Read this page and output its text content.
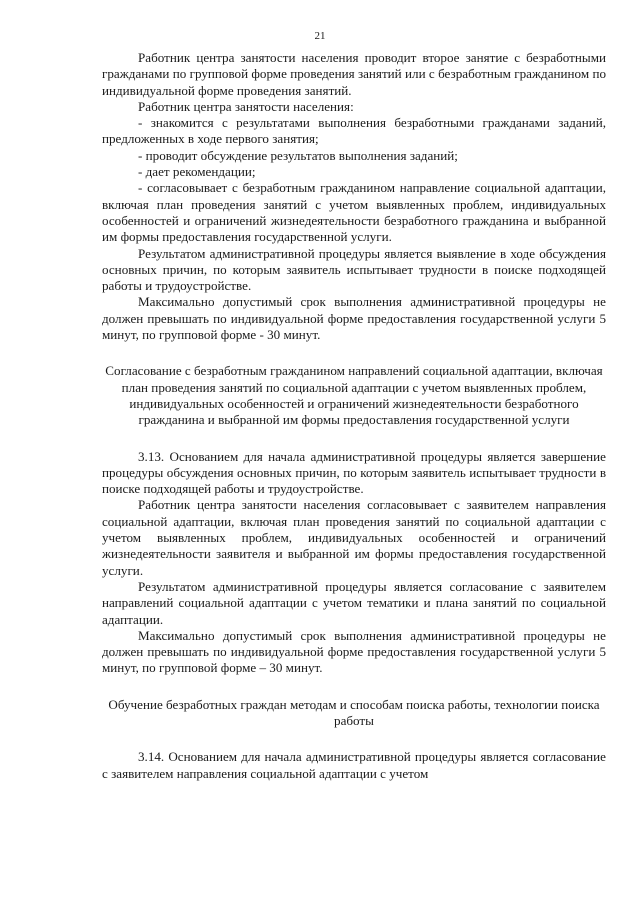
21

Работник центра занятости населения проводит второе занятие с безработными гражданами по групповой форме проведения занятий или с безработным гражданином по индивидуальной форме проведения занятий.

Работник центра занятости населения:

- знакомится с результатами выполнения безработными гражданами заданий, предложенных в ходе первого занятия;

- проводит обсуждение результатов выполнения заданий;

- дает рекомендации;

- согласовывает с безработным гражданином направление социальной адаптации, включая план проведения занятий с учетом выявленных проблем, индивидуальных особенностей и ограничений жизнедеятельности безработного гражданина и выбранной им формы предоставления государственной услуги.

Результатом административной процедуры является выявление в ходе обсуждения основных причин, по которым заявитель испытывает трудности в поиске подходящей работы и трудоустройстве.

Максимально допустимый срок выполнения административной процедуры не должен превышать по индивидуальной форме предоставления государственной услуги 5 минут, по групповой форме - 30 минут.

Согласование с безработным гражданином направлений социальной адаптации, включая план проведения занятий по социальной адаптации с учетом выявленных проблем, индивидуальных особенностей и ограничений жизнедеятельности безработного гражданина и выбранной им формы предоставления государственной услуги

3.13. Основанием для начала административной процедуры является завершение процедуры обсуждения основных причин, по которым заявитель испытывает трудности в поиске подходящей работы и трудоустройстве.

Работник центра занятости населения согласовывает с заявителем направления социальной адаптации, включая план проведения занятий по социальной адаптации с учетом выявленных проблем, индивидуальных особенностей и ограничений жизнедеятельности заявителя и выбранной им формы предоставления государственной услуги.

Результатом административной процедуры является согласование с заявителем направлений социальной адаптации с учетом тематики и плана занятий по социальной адаптации.

Максимально допустимый срок выполнения административной процедуры не должен превышать по индивидуальной форме предоставления государственной услуги 5 минут, по групповой форме – 30 минут.

Обучение безработных граждан методам и способам поиска работы, технологии поиска работы

3.14. Основанием для начала административной процедуры является согласование с заявителем направления социальной адаптации с учетом
